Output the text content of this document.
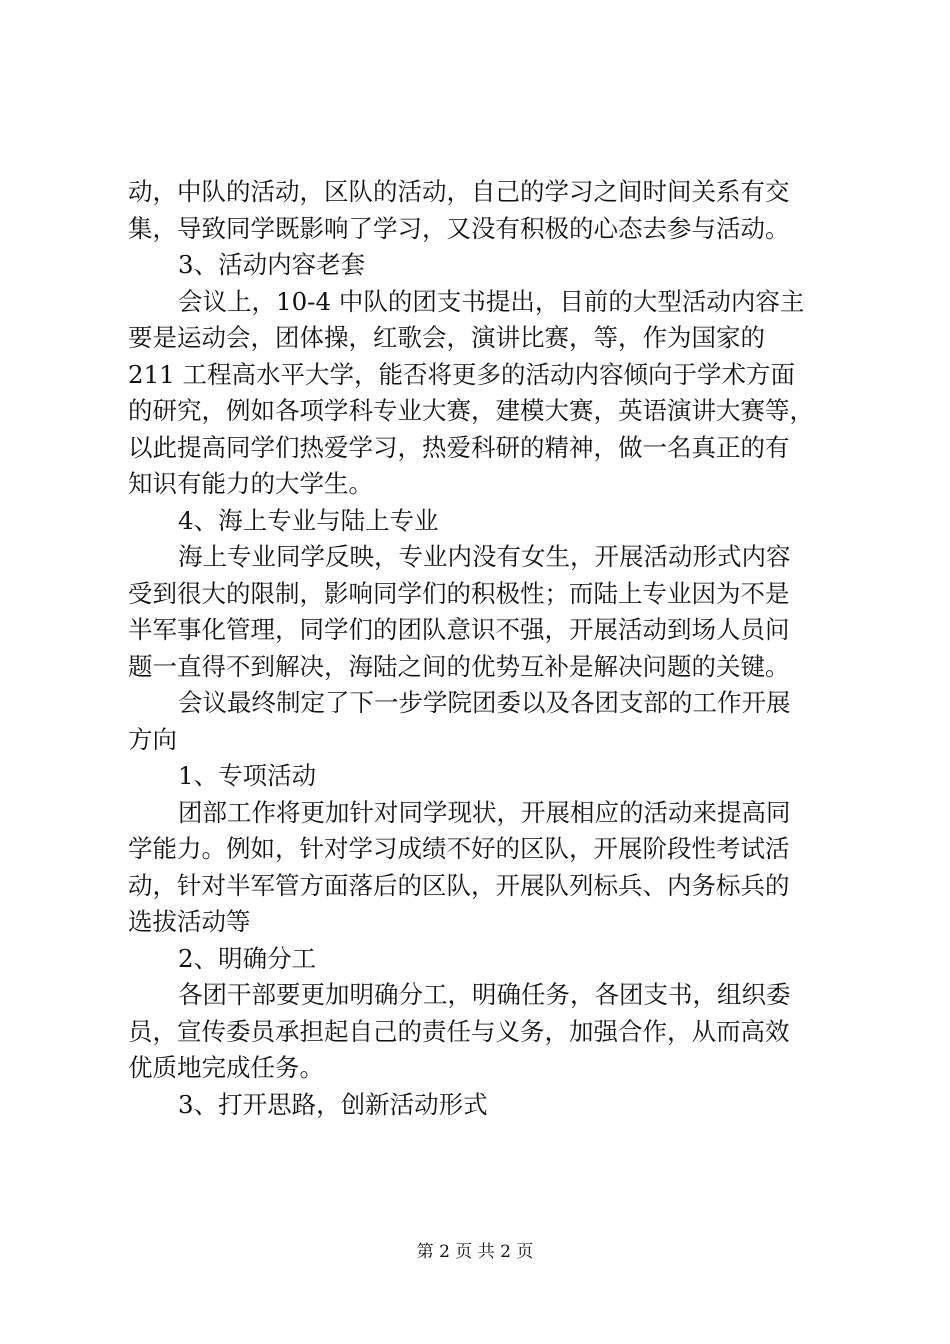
动，中队的活动，区队的活动，自己的学习之间时间关系有交
集，导致同学既影响了学习，又没有积极的心态去参与活动。
3、活动内容老套
会议上，10-4 中队的团支书提出，目前的大型活动内容主
要是运动会，团体操，红歌会，演讲比赛，等，作为国家的
211 工程高水平大学，能否将更多的活动内容倾向于学术方面
的研究，例如各项学科专业大赛，建模大赛，英语演讲大赛等，
以此提高同学们热爱学习，热爱科研的精神，做一名真正的有
知识有能力的大学生。
4、海上专业与陆上专业
海上专业同学反映，专业内没有女生，开展活动形式内容
受到很大的限制，影响同学们的积极性；而陆上专业因为不是
半军事化管理，同学们的团队意识不强，开展活动到场人员问
题一直得不到解决，海陆之间的优势互补是解决问题的关键。
会议最终制定了下一步学院团委以及各团支部的工作开展
方向
1、专项活动
团部工作将更加针对同学现状，开展相应的活动来提高同
学能力。例如，针对学习成绩不好的区队，开展阶段性考试活
动，针对半军管方面落后的区队，开展队列标兵、内务标兵的
选拔活动等
2、明确分工
各团干部要更加明确分工，明确任务，各团支书，组织委
员，宣传委员承担起自己的责任与义务，加强合作，从而高效
优质地完成任务。
3、打开思路，创新活动形式
第 2 页 共 2 页
